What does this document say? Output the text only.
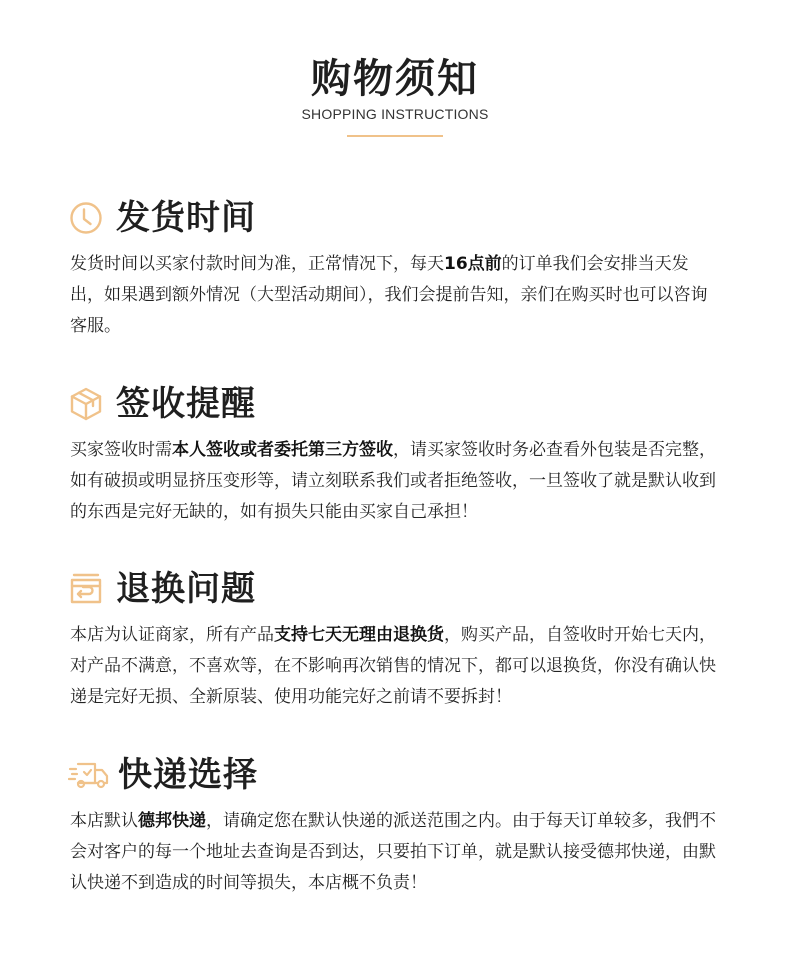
购物须知
SHOPPING INSTRUCTIONS
发货时间

发货时间以买家付款时间为准，正常情况下，每天16点前的订单我们会安排当天发出，如果遇到额外情况（大型活动期间），我们会提前告知，亲们在购买时也可以咨询客服。

签收提醒

买家签收时需本人签收或者委托第三方签收，请买家签收时务必查看外包装是否完整，如有破损或明显挤压变形等，请立刻联系我们或者拒绝签收，一旦签收了就是默认收到的东西是完好无缺的，如有损失只能由买家自己承担！

退换问题

本店为认证商家，所有产品支持七天无理由退换货，购买产品，自签收时开始七天内，对产品不满意，不喜欢等，在不影响再次销售的情况下，都可以退换货，你没有确认快递是完好无损、全新原装、使用功能完好之前请不要拆封！

快递选择

本店默认德邦快递，请确定您在默认快递的派送范围之内。由于每天订单较多，我們不会对客户的每一个地址去查询是否到达，只要拍下订单，就是默认接受德邦快递，由默认快递不到造成的时间等损失，本店概不负责！
